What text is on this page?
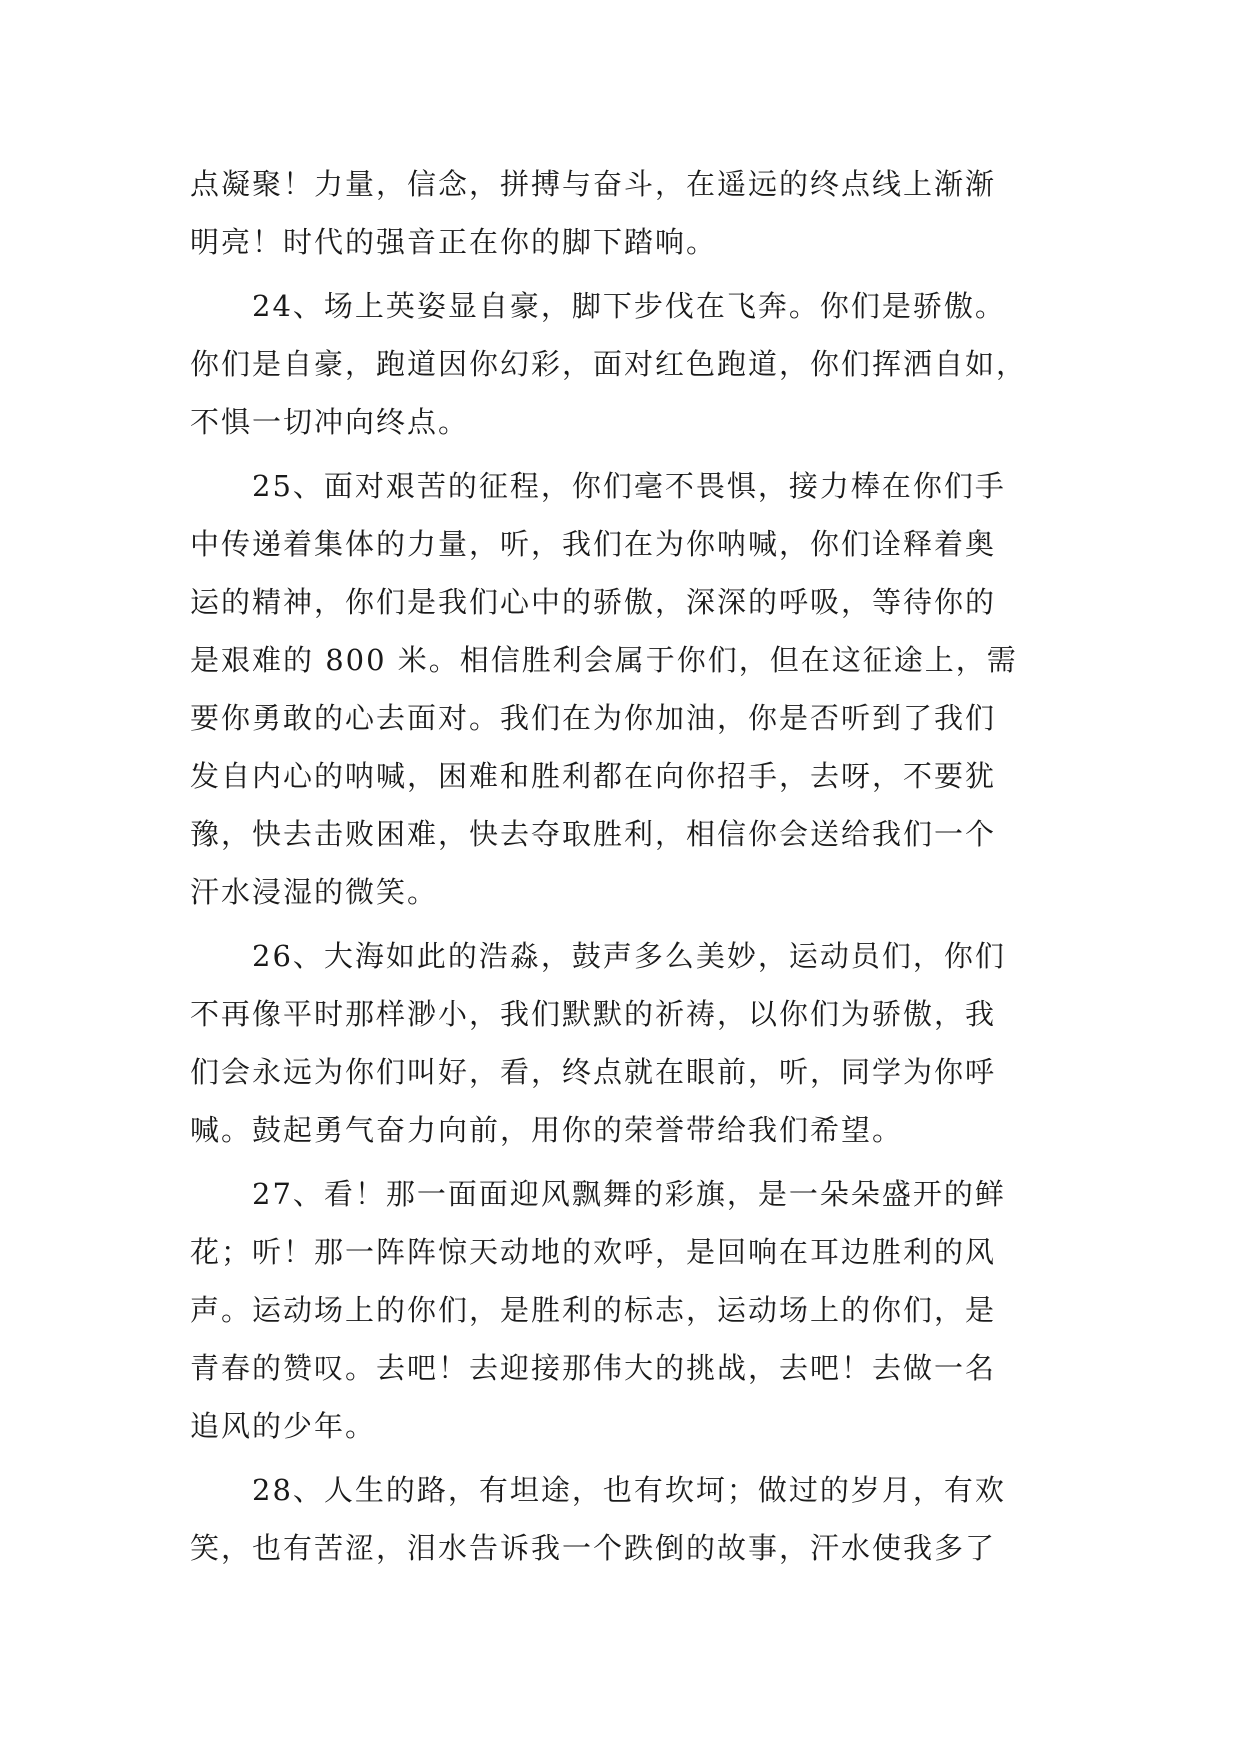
点凝聚！力量，信念，拼搏与奋斗，在遥远的终点线上渐渐
明亮！时代的强音正在你的脚下踏响。
24、场上英姿显自豪，脚下步伐在飞奔。你们是骄傲。
你们是自豪，跑道因你幻彩，面对红色跑道，你们挥洒自如，
不惧一切冲向终点。
25、面对艰苦的征程，你们毫不畏惧，接力棒在你们手
中传递着集体的力量，听，我们在为你呐喊，你们诠释着奥
运的精神，你们是我们心中的骄傲，深深的呼吸，等待你的
是艰难的 800 米。相信胜利会属于你们，但在这征途上，需
要你勇敢的心去面对。我们在为你加油，你是否听到了我们
发自内心的呐喊，困难和胜利都在向你招手，去呀，不要犹
豫，快去击败困难，快去夺取胜利，相信你会送给我们一个
汗水浸湿的微笑。
26、大海如此的浩淼，鼓声多么美妙，运动员们，你们
不再像平时那样渺小，我们默默的祈祷，以你们为骄傲，我
们会永远为你们叫好，看，终点就在眼前，听，同学为你呼
喊。鼓起勇气奋力向前，用你的荣誉带给我们希望。
27、看！那一面面迎风飘舞的彩旗，是一朵朵盛开的鲜
花；听！那一阵阵惊天动地的欢呼，是回响在耳边胜利的风
声。运动场上的你们，是胜利的标志，运动场上的你们，是
青春的赞叹。去吧！去迎接那伟大的挑战，去吧！去做一名
追风的少年。
28、人生的路，有坦途，也有坎坷；做过的岁月，有欢
笑，也有苦涩，泪水告诉我一个跌倒的故事，汗水使我多了
